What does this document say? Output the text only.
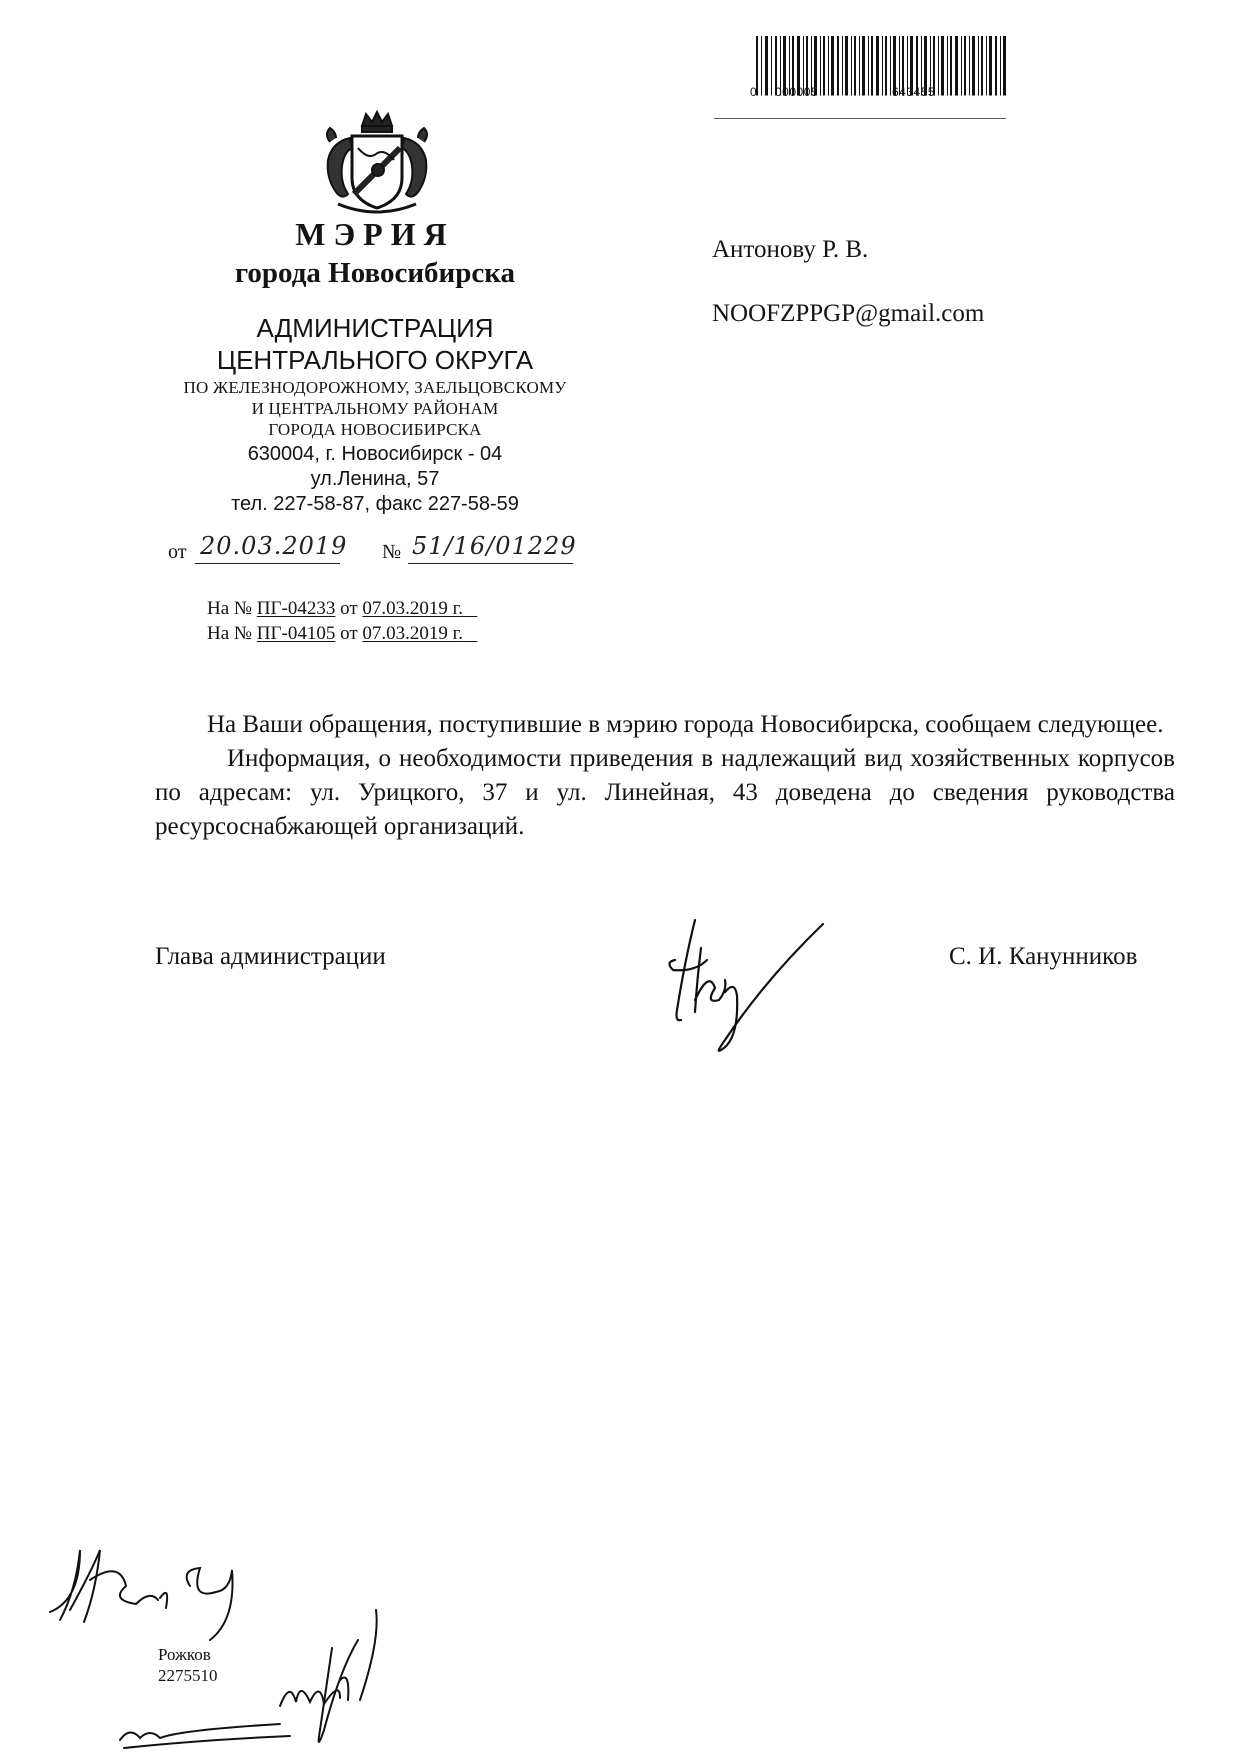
0 000005	643455
МЭРИЯ
города Новосибирска
АДМИНИСТРАЦИЯ
ЦЕНТРАЛЬНОГО ОКРУГА
ПО ЖЕЛЕЗНОДОРОЖНОМУ, ЗАЕЛЬЦОВСКОМУ
И ЦЕНТРАЛЬНОМУ РАЙОНАМ
ГОРОДА НОВОСИБИРСКА
630004, г. Новосибирск - 04
ул.Ленина, 57
тел. 227-58-87, факс 227-58-59
от 20.03.2019 № 51/16/01229
На № ПГ-04233 от 07.03.2019 г.
На № ПГ-04105 от 07.03.2019 г.
Антонову Р. В.
NOOFZPPGP@gmail.com

На Ваши обращения, поступившие в мэрию города Новосибирска, сообщаем следующее.

Информация, о необходимости приведения в надлежащий вид хозяйственных корпусов по адресам: ул. Урицкого, 37 и ул. Линейная, 43 доведена до сведения руководства ресурсоснабжающей организаций.

Глава администрации	С. И. Канунников
Рожков
2275510
